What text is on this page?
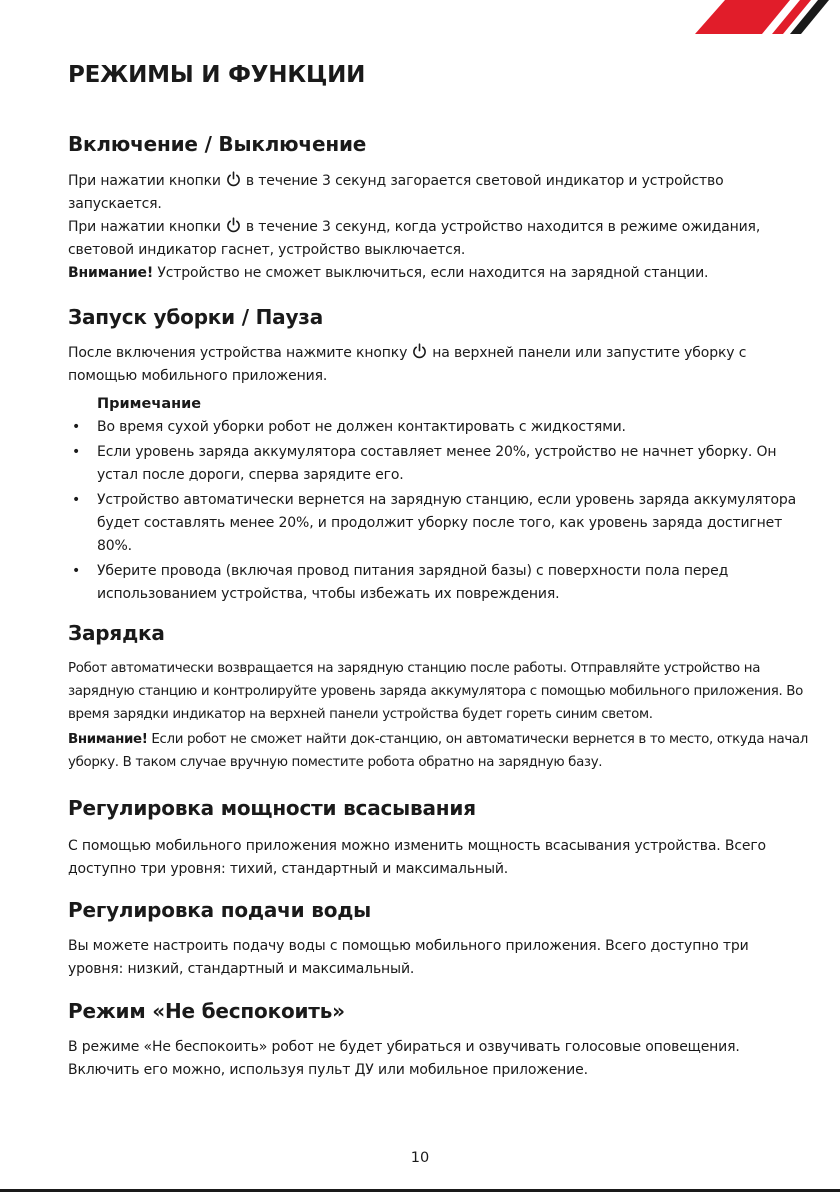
РЕЖИМЫ И ФУНКЦИИ
Включение / Выключение

При нажатии кнопки в течение 3 секунд загорается световой индикатор и устройство запускается.

При нажатии кнопки в течение 3 секунд, когда устройство находится в режиме ожидания, световой индикатор гаснет, устройство выключается.

Внимание! Устройство не сможет выключиться, если находится на зарядной станции.

Запуск уборки / Пауза

После включения устройства нажмите кнопку на верхней панели или запустите уборку с помощью мобильного приложения.

Примечание

• Во время сухой уборки робот не должен контактировать с жидкостями.
• Если уровень заряда аккумулятора составляет менее 20%, устройство не начнет уборку. Он устал после дороги, сперва зарядите его.
• Устройство автоматически вернется на зарядную станцию, если уровень заряда аккумулятора будет составлять менее 20%, и продолжит уборку после того, как уровень заряда достигнет 80%.
• Уберите провода (включая провод питания зарядной базы) с поверхности пола перед использованием устройства, чтобы избежать их повреждения.
Зарядка

Робот автоматически возвращается на зарядную станцию после работы. Отправляйте устройство на зарядную станцию и контролируйте уровень заряда аккумулятора с помощью мобильного приложения. Во время зарядки индикатор на верхней панели устройства будет гореть синим светом.

Внимание! Если робот не сможет найти док-станцию, он автоматически вернется в то место, откуда начал уборку. В таком случае вручную поместите робота обратно на зарядную базу.

Регулировка мощности всасывания

С помощью мобильного приложения можно изменить мощность всасывания устройства. Всего доступно три уровня: тихий, стандартный и максимальный.

Регулировка подачи воды

Вы можете настроить подачу воды с помощью мобильного приложения. Всего доступно три уровня: низкий, стандартный и максимальный.

Режим «Не беспокоить»

В режиме «Не беспокоить» робот не будет убираться и озвучивать голосовые оповещения. Включить его можно, используя пульт ДУ или мобильное приложение.

10
